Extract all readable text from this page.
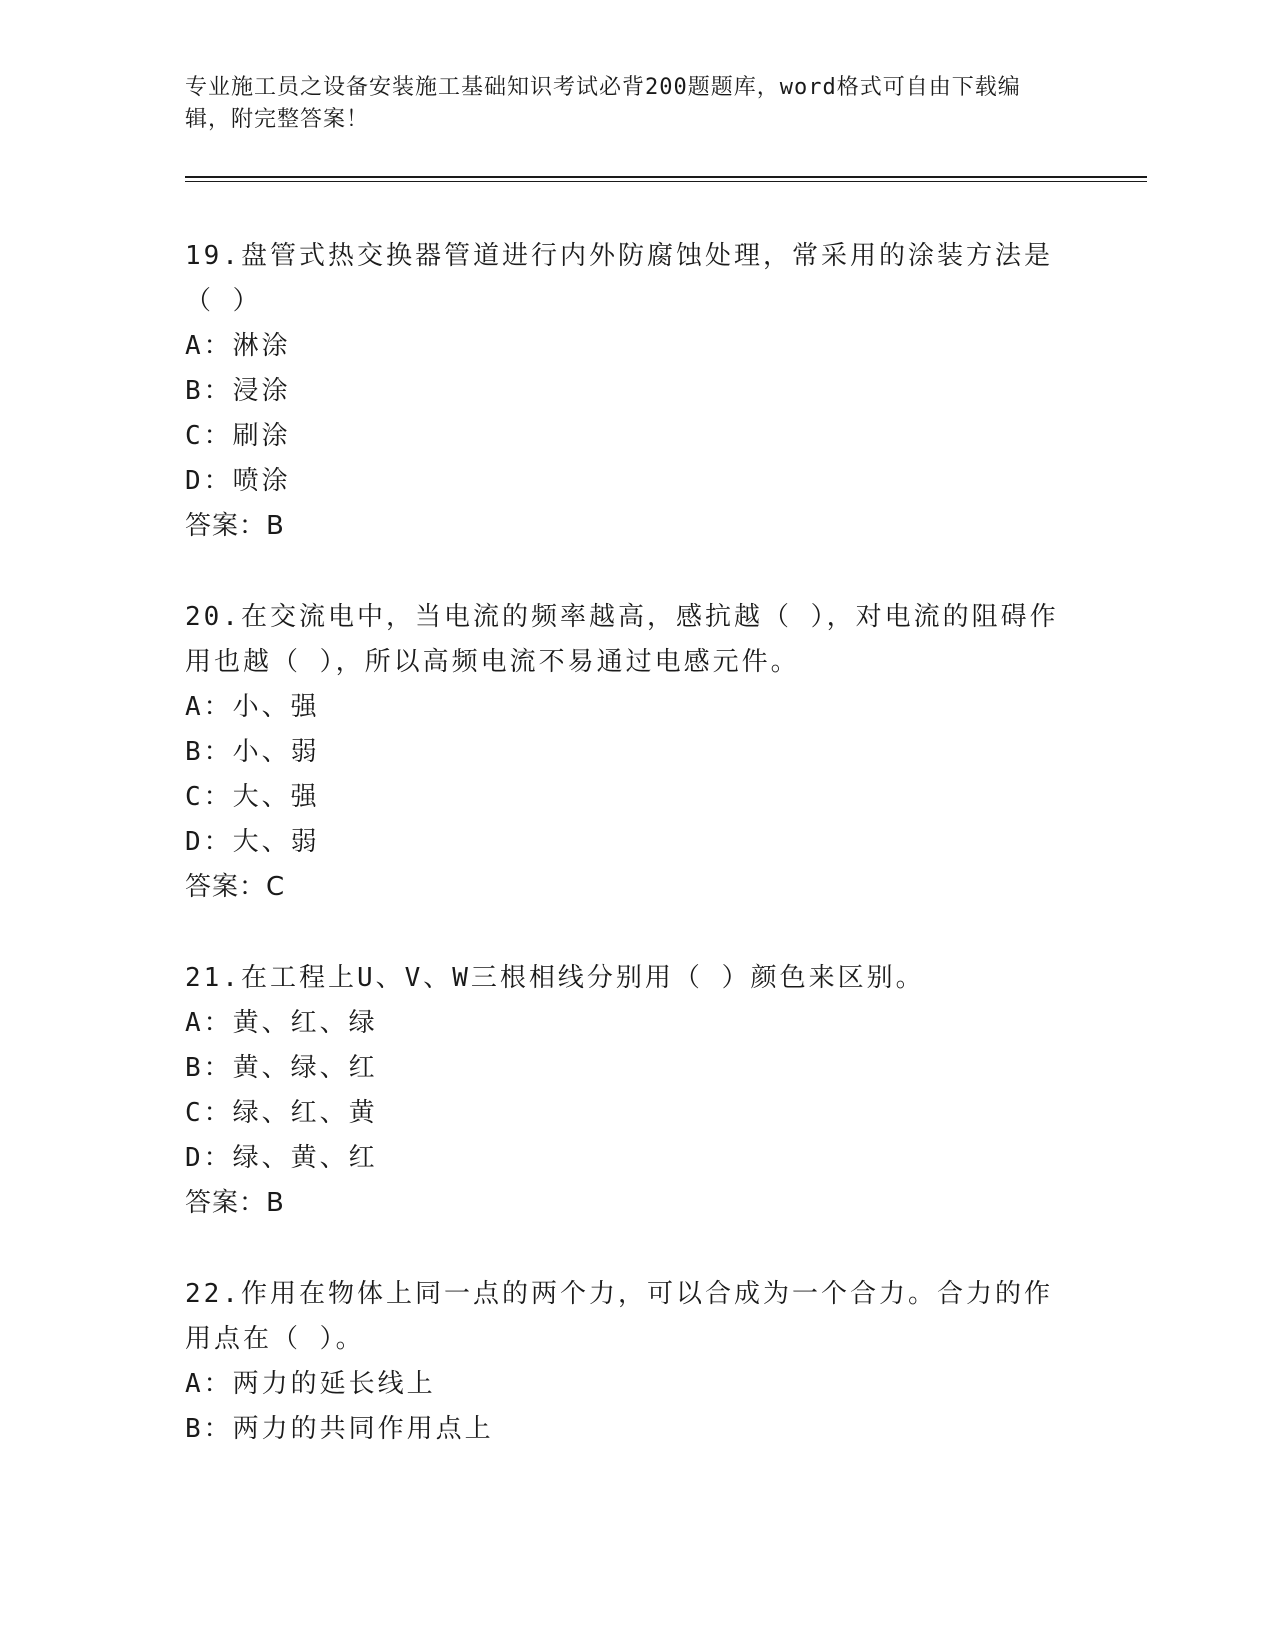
专业施工员之设备安装施工基础知识考试必背200题题库，word格式可自由下载编辑，附完整答案！
19.盘管式热交换器管道进行内外防腐蚀处理，常采用的涂装方法是（ ）
A：淋涂
B：浸涂
C：刷涂
D：喷涂
答案：B
20.在交流电中，当电流的频率越高，感抗越（ ），对电流的阻碍作用也越（ ），所以高频电流不易通过电感元件。
A：小、强
B：小、弱
C：大、强
D：大、弱
答案：C
21.在工程上U、V、W三根相线分别用（ ）颜色来区别。
A：黄、红、绿
B：黄、绿、红
C：绿、红、黄
D：绿、黄、红
答案：B
22.作用在物体上同一点的两个力，可以合成为一个合力。合力的作用点在（ ）。
A：两力的延长线上
B：两力的共同作用点上
